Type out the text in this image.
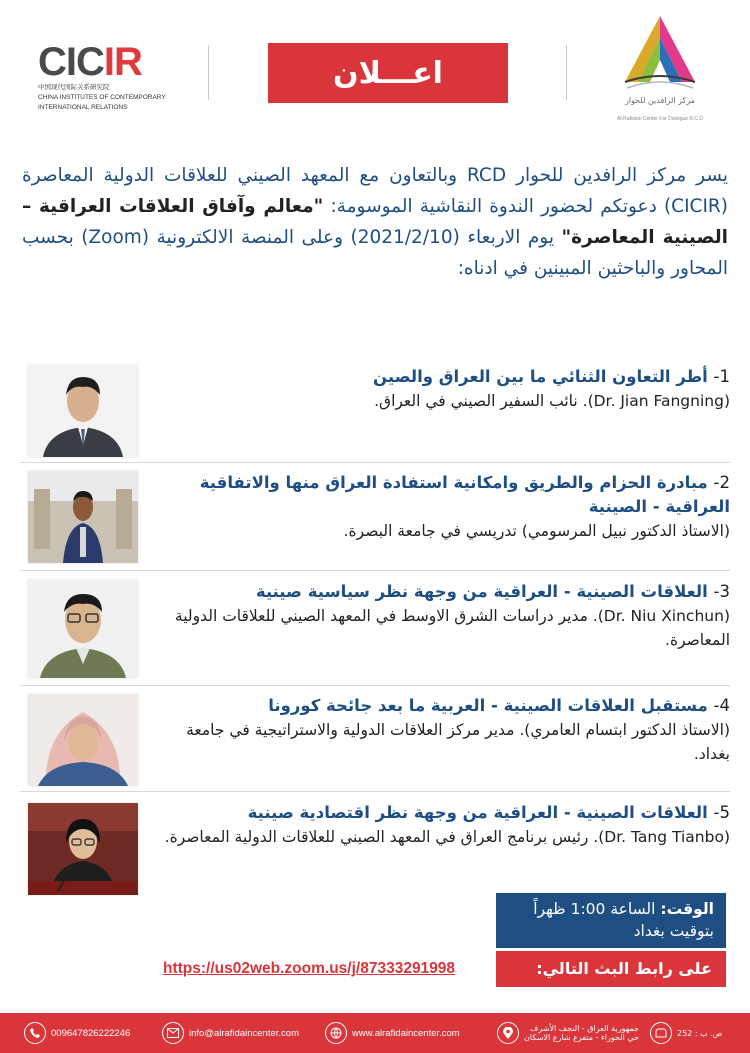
CICIR
中国现代国际关系研究院
CHINA INSTITUTES OF CONTEMPORARY
INTERNATIONAL RELATIONS
اعـــلان
مركز الرافدين للحوار
Al-Rafidain Center For Dialogue R.C.D
يسر مركز الرافدين للحوار RCD وبالتعاون مع المعهد الصيني للعلاقات الدولية المعاصرة (CICIR) دعوتكم لحضور الندوة النقاشية الموسومة: "معالم وآفاق العلاقات العراقية – الصينية المعاصرة" يوم الاربعاء (2021/2/10) وعلى المنصة الالكترونية (Zoom) بحسب المحاور والباحثين المبينين في ادناه:
1- أطر التعاون الثنائي ما بين العراق والصين
(Dr. Jian Fangning). نائب السفير الصيني في العراق.
2- مبادرة الحزام والطريق وامكانية استفادة العراق منها والاتفاقية العراقية - الصينية
(الاستاذ الدكتور نبيل المرسومي) تدريسي في جامعة البصرة.
3- العلاقات الصينية - العراقية من وجهة نظر سياسية صينية
(Dr. Niu Xinchun). مدير دراسات الشرق الاوسط في المعهد الصيني للعلاقات الدولية المعاصرة.
4- مستقبل العلاقات الصينية - العربية ما بعد جائحة كورونا
(الاستاذ الدكتور ابتسام العامري). مدير مركز العلاقات الدولية والاستراتيجية في جامعة بغداد.
5- العلاقات الصينية - العراقية من وجهة نظر اقتصادية صينية
(Dr. Tang Tianbo). رئيس برنامج العراق في المعهد الصيني للعلاقات الدولية المعاصرة.
الوقت: الساعة 1:00 ظهراً
بتوقيت بغداد
على رابط البث التالي:
https://us02web.zoom.us/j/87333291998
009647826222246	info@alrafidaincenter.com	www.alrafidaincenter.com	جمهورية العراق - النجف الأشرف
حي الحوراء - متفرع شارع الاسكان	ص. ب : 252
